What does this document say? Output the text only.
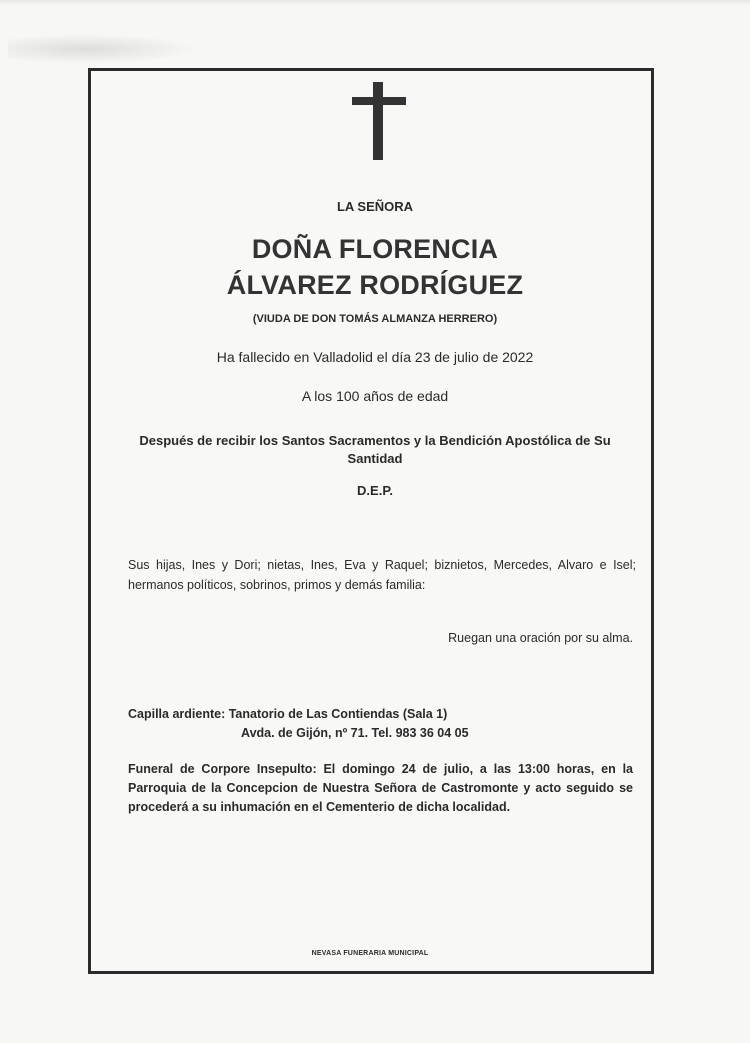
LA SEÑORA
DOÑA FLORENCIA
ÁLVAREZ RODRÍGUEZ
(VIUDA DE DON TOMÁS ALMANZA HERRERO)
Ha fallecido en Valladolid el día 23 de julio de 2022
A los 100 años de edad
Después de recibir los Santos Sacramentos y la Bendición Apostólica de Su Santidad
D.E.P.
Sus hijas, Ines y Dori; nietas, Ines, Eva y Raquel; biznietos, Mercedes, Alvaro e Isel; hermanos políticos, sobrinos, primos y demás familia:
Ruegan una oración por su alma.
Capilla ardiente: Tanatorio de Las Contiendas (Sala 1)
Avda. de Gijón, nº 71. Tel. 983 36 04 05
Funeral de Corpore Insepulto: El domingo 24 de julio, a las 13:00 horas, en la Parroquia de la Concepcion de Nuestra Señora de Castromonte y acto seguido se procederá a su inhumación en el Cementerio de dicha localidad.
NEVASA FUNERARIA MUNICIPAL
